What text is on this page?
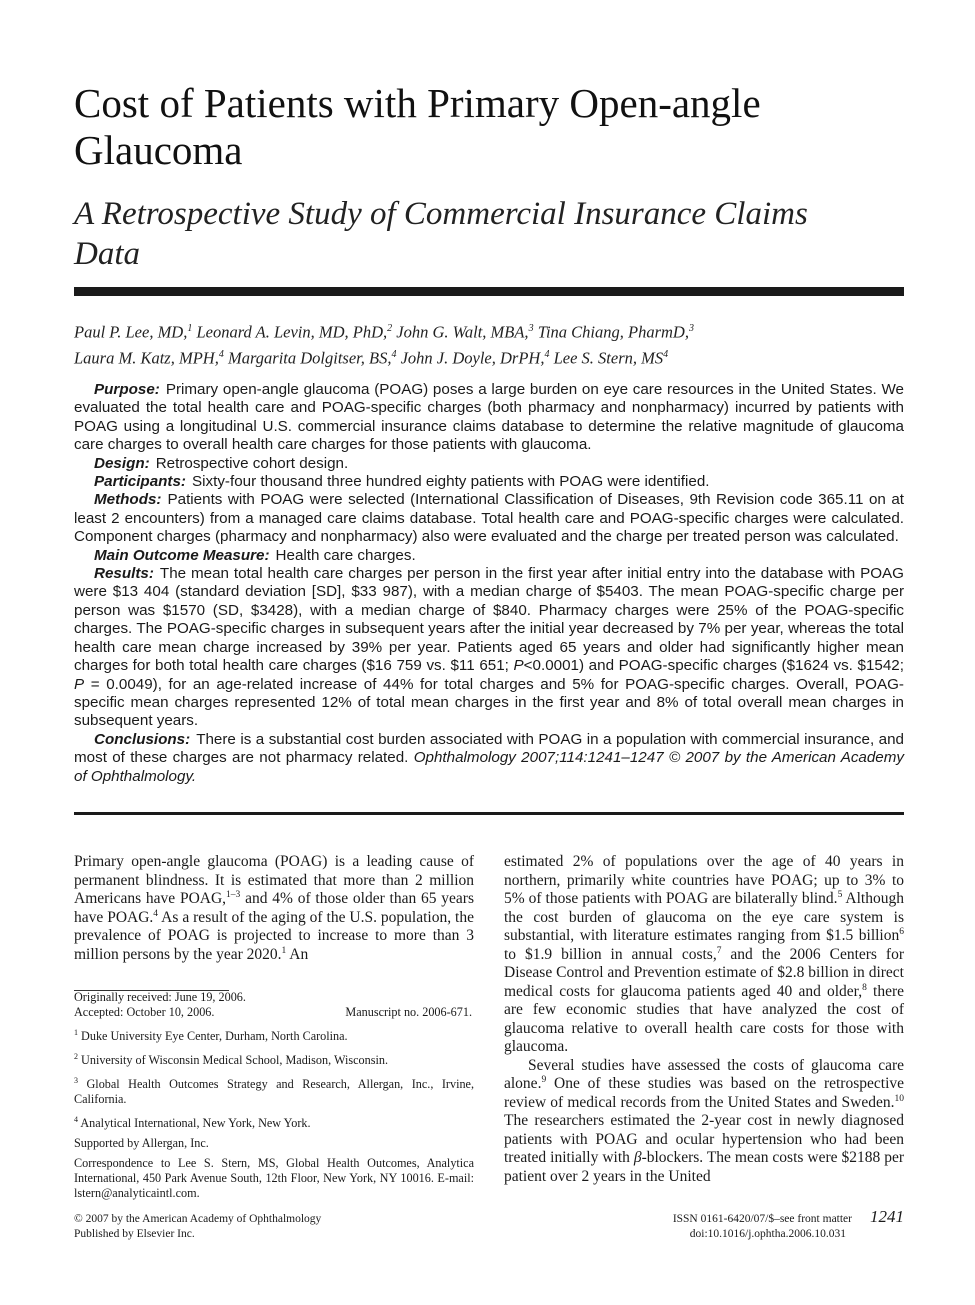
Cost of Patients with Primary Open-angle Glaucoma
A Retrospective Study of Commercial Insurance Claims Data
Paul P. Lee, MD,$^1$ Leonard A. Levin, MD, PhD,$^2$ John G. Walt, MBA,$^3$ Tina Chiang, PharmD,$^3$
Laura M. Katz, MPH,$^4$ Margarita Dolgitser, BS,$^4$ John J. Doyle, DrPH,$^4$ Lee S. Stern, $MS^4$

Purpose: Primary open-angle glaucoma (POAG) poses a large burden on eye care resources in the United States. We evaluated the total health care and POAG-specific charges (both pharmacy and nonpharmacy) incurred by patients with POAG using a longitudinal U.S. commercial insurance claims database to determine the relative magnitude of glaucoma care charges to overall health care charges for those patients with glaucoma.

Design: Retrospective cohort design.

Participants: Sixty-four thousand three hundred eighty patients with POAG were identified.

Methods: Patients with POAG were selected (International Classification of Diseases, 9th Revision code 365.11 on at least 2 encounters) from a managed care claims database. Total health care and POAG-specific charges were calculated. Component charges (pharmacy and nonpharmacy) also were evaluated and the charge per treated person was calculated.

Main Outcome Measure: Health care charges.

Results: The mean total health care charges per person in the first year after initial entry into the database with POAG were $13 404 (standard deviation [SD], $33 987), with a median charge of $5403. The mean POAG-specific charge per person was $1570 (SD, $3428), with a median charge of $840. Pharmacy charges were 25% of the POAG-specific charges. The POAG-specific charges in subsequent years after the initial year decreased by 7% per year, whereas the total health care mean charge increased by 39% per year. Patients aged 65 years and older had significantly higher mean charges for both total health care charges ($16 759 vs. $11 651; P<0.0001) and POAG-specific charges ($1624 vs. $1542; P = 0.0049), for an age-related increase of 44% for total charges and 5% for POAG-specific charges. Overall, POAG-specific mean charges represented 12% of total mean charges in the first year and 8% of total overall mean charges in subsequent years.

Conclusions: There is a substantial cost burden associated with POAG in a population with commercial insurance, and most of these charges are not pharmacy related. Ophthalmology 2007;114:1241–1247 © 2007 by the American Academy of Ophthalmology.

Primary open-angle glaucoma (POAG) is a leading cause of permanent blindness. It is estimated that more than 2 million Americans have POAG,$^{1-3}$ and 4% of those older than 65 years have POAG.$^4$ As a result of the aging of the U.S. population, the prevalence of POAG is projected to increase to more than 3 million persons by the year 2020.$^1$ An

Originally received: June 19, 2006.

Accepted: October 10, 2006.	Manuscript no. 2006-671.

$^1$ Duke University Eye Center, Durham, North Carolina.

$^2$ University of Wisconsin Medical School, Madison, Wisconsin.

$^3$ Global Health Outcomes Strategy and Research, Allergan, Inc., Irvine, California.

$^4$ Analytical International, New York, New York.

Supported by Allergan, Inc.

Correspondence to Lee S. Stern, MS, Global Health Outcomes, Analytica International, 450 Park Avenue South, 12th Floor, New York, NY 10016. E-mail: lstern@analyticaintl.com.

estimated 2% of populations over the age of 40 years in northern, primarily white countries have POAG; up to 3% to 5% of those patients with POAG are bilaterally blind.$^5$ Although the cost burden of glaucoma on the eye care system is substantial, with literature estimates ranging from $1.5 billion$^6$ to $1.9 billion in annual costs,$^7$ and the 2006 Centers for Disease Control and Prevention estimate of $2.8 billion in direct medical costs for glaucoma patients aged 40 and older,$^8$ there are few economic studies that have analyzed the cost of glaucoma relative to overall health care costs for those with glaucoma.

Several studies have assessed the costs of glaucoma care alone.$^9$ One of these studies was based on the retrospective review of medical records from the United States and Sweden.$^{10}$ The researchers estimated the 2-year cost in newly diagnosed patients with POAG and ocular hypertension who had been treated initially with β-blockers. The mean costs were $2188 per patient over 2 years in the United

© 2007 by the American Academy of Ophthalmology
Published by Elsevier Inc.
ISSN 0161-6420/07/$–see front matter 1241
doi:10.1016/j.ophtha.2006.10.031
